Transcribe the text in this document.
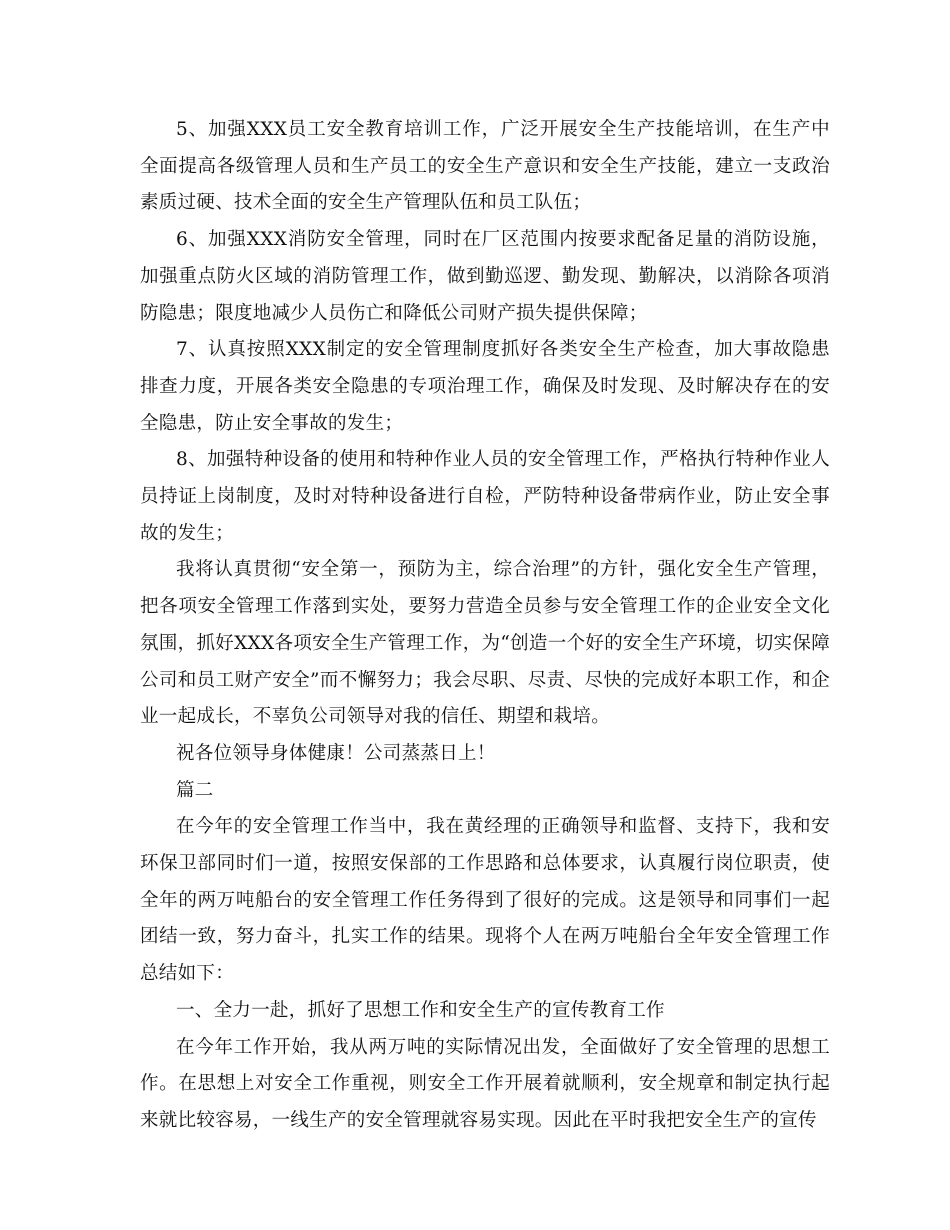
5、加强XXX员工安全教育培训工作，广泛开展安全生产技能培训，在生产中全面提高各级管理人员和生产员工的安全生产意识和安全生产技能，建立一支政治素质过硬、技术全面的安全生产管理队伍和员工队伍；

6、加强XXX消防安全管理，同时在厂区范围内按要求配备足量的消防设施，加强重点防火区域的消防管理工作，做到勤巡逻、勤发现、勤解决，以消除各项消防隐患；限度地减少人员伤亡和降低公司财产损失提供保障；

7、认真按照XXX制定的安全管理制度抓好各类安全生产检查，加大事故隐患排查力度，开展各类安全隐患的专项治理工作，确保及时发现、及时解决存在的安全隐患，防止安全事故的发生；

8、加强特种设备的使用和特种作业人员的安全管理工作，严格执行特种作业人员持证上岗制度，及时对特种设备进行自检，严防特种设备带病作业，防止安全事故的发生；

我将认真贯彻“安全第一，预防为主，综合治理”的方针，强化安全生产管理，把各项安全管理工作落到实处，要努力营造全员参与安全管理工作的企业安全文化氛围，抓好XXX各项安全生产管理工作，为“创造一个好的安全生产环境，切实保障公司和员工财产安全”而不懈努力；我会尽职、尽责、尽快的完成好本职工作，和企业一起成长，不辜负公司领导对我的信任、期望和栽培。

祝各位领导身体健康！公司蒸蒸日上！

篇二

在今年的安全管理工作当中，我在黄经理的正确领导和监督、支持下，我和安环保卫部同时们一道，按照安保部的工作思路和总体要求，认真履行岗位职责，使全年的两万吨船台的安全管理工作任务得到了很好的完成。这是领导和同事们一起团结一致，努力奋斗，扎实工作的结果。现将个人在两万吨船台全年安全管理工作总结如下：

一、全力一赴，抓好了思想工作和安全生产的宣传教育工作

在今年工作开始，我从两万吨的实际情况出发，全面做好了安全管理的思想工作。在思想上对安全工作重视，则安全工作开展着就顺利，安全规章和制定执行起来就比较容易，一线生产的安全管理就容易实现。因此在平时我把安全生产的宣传
